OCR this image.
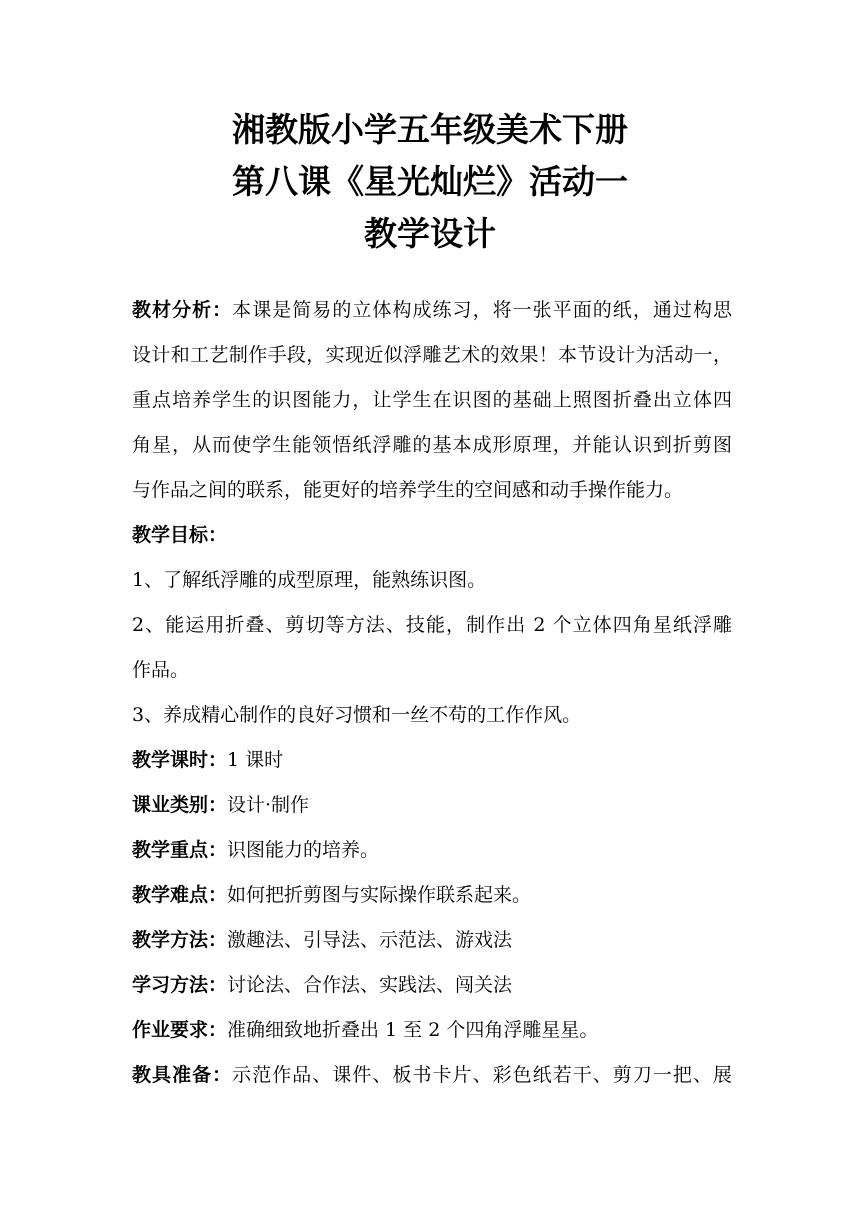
湘教版小学五年级美术下册
第八课《星光灿烂》活动一
教学设计
教材分析：本课是简易的立体构成练习，将一张平面的纸，通过构思
设计和工艺制作手段，实现近似浮雕艺术的效果！本节设计为活动一，
重点培养学生的识图能力，让学生在识图的基础上照图折叠出立体四
角星，从而使学生能领悟纸浮雕的基本成形原理，并能认识到折剪图
与作品之间的联系，能更好的培养学生的空间感和动手操作能力。
教学目标：
1、了解纸浮雕的成型原理，能熟练识图。
2、能运用折叠、剪切等方法、技能，制作出 2 个立体四角星纸浮雕
作品。
3、养成精心制作的良好习惯和一丝不苟的工作作风。
教学课时：1 课时
课业类别：设计·制作
教学重点：识图能力的培养。
教学难点：如何把折剪图与实际操作联系起来。
教学方法：激趣法、引导法、示范法、游戏法
学习方法：讨论法、合作法、实践法、闯关法
作业要求：准确细致地折叠出 1 至 2 个四角浮雕星星。
教具准备：示范作品、课件、板书卡片、彩色纸若干、剪刀一把、展
